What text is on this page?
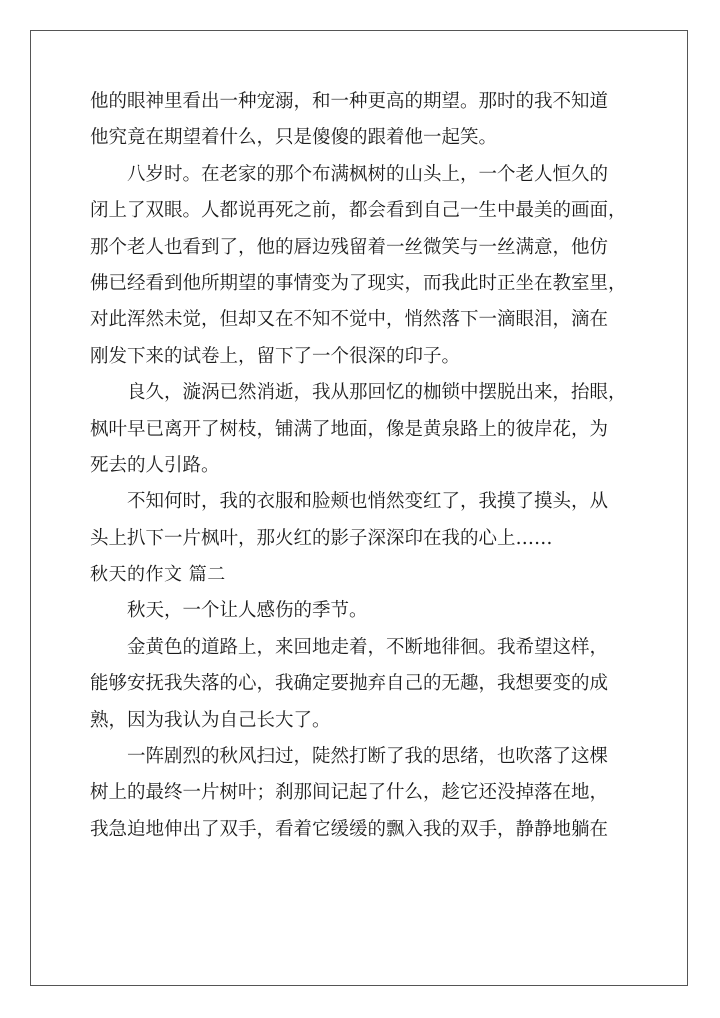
他的眼神里看出一种宠溺，和一种更高的期望。那时的我不知道
他究竟在期望着什么，只是傻傻的跟着他一起笑。
八岁时。在老家的那个布满枫树的山头上，一个老人恒久的
闭上了双眼。人都说再死之前，都会看到自己一生中最美的画面，
那个老人也看到了，他的唇边残留着一丝微笑与一丝满意，他仿
佛已经看到他所期望的事情变为了现实，而我此时正坐在教室里，
对此浑然未觉，但却又在不知不觉中，悄然落下一滴眼泪，滴在
刚发下来的试卷上，留下了一个很深的印子。
良久，漩涡已然消逝，我从那回忆的枷锁中摆脱出来，抬眼，
枫叶早已离开了树枝，铺满了地面，像是黄泉路上的彼岸花，为
死去的人引路。
不知何时，我的衣服和脸颊也悄然变红了，我摸了摸头，从
头上扒下一片枫叶，那火红的影子深深印在我的心上……
秋天的作文 篇二
秋天，一个让人感伤的季节。
金黄色的道路上，来回地走着，不断地徘徊。我希望这样，
能够安抚我失落的心，我确定要抛弃自己的无趣，我想要变的成
熟，因为我认为自己长大了。
一阵剧烈的秋风扫过，陡然打断了我的思绪，也吹落了这棵
树上的最终一片树叶；刹那间记起了什么，趁它还没掉落在地，
我急迫地伸出了双手，看着它缓缓的飘入我的双手，静静地躺在
